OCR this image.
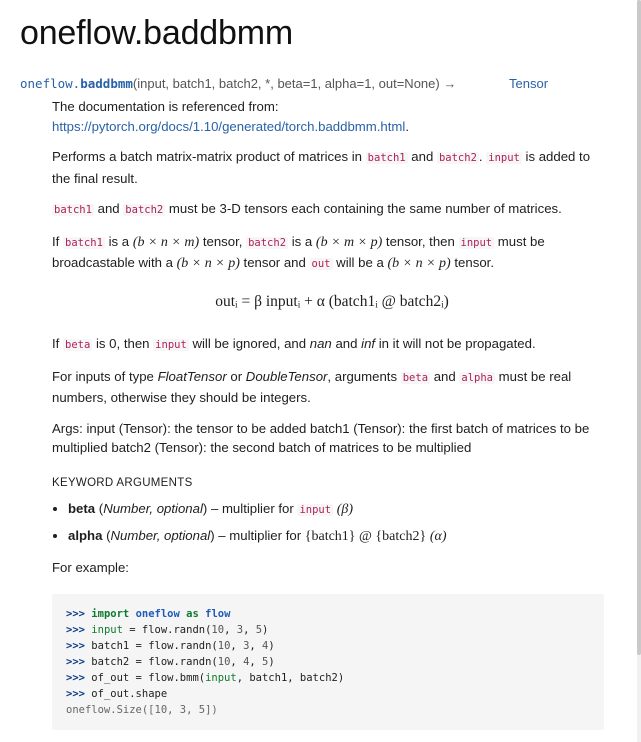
oneflow.baddbmm
oneflow.baddbmm(input, batch1, batch2, *, beta=1, alpha=1, out=None) →	Tensor

The documentation is referenced from:
https://pytorch.org/docs/1.10/generated/torch.baddbmm.html.

Performs a batch matrix-matrix product of matrices in batch1 and batch2 . input is added to the final result.

batch1 and batch2 must be 3-D tensors each containing the same number of matrices.

If batch1 is a (b × n × m) tensor, batch2 is a (b × m × p) tensor, then input must be broadcastable with a (b × n × p) tensor and out will be a (b × n × p) tensor.

outᵢ = β inputᵢ + α (batch1ᵢ @ batch2ᵢ)

If beta is 0, then input will be ignored, and nan and inf in it will not be propagated.

For inputs of type FloatTensor or DoubleTensor, arguments beta and alpha must be real numbers, otherwise they should be integers.

Args: input (Tensor): the tensor to be added batch1 (Tensor): the first batch of matrices to be multiplied batch2 (Tensor): the second batch of matrices to be multiplied

KEYWORD ARGUMENTS
• beta (Number, optional) – multiplier for input (β)
• alpha (Number, optional) – multiplier for {batch1} @ {batch2} (α)

For example:

>>> import oneflow as flow
>>> input = flow.randn(10, 3, 5)
>>> batch1 = flow.randn(10, 3, 4)
>>> batch2 = flow.randn(10, 4, 5)
>>> of_out = flow.bmm(input, batch1, batch2)
>>> of_out.shape
oneflow.Size([10, 3, 5])
